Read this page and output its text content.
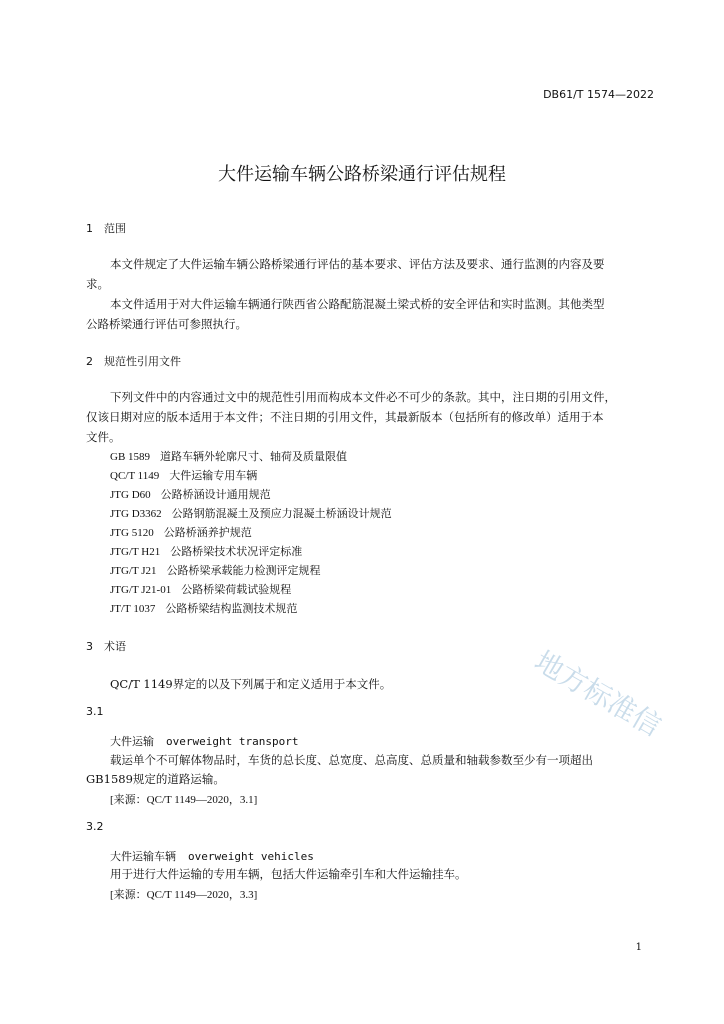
DB61/T 1574—2022
大件运输车辆公路桥梁通行评估规程
1 范围
本文件规定了大件运输车辆公路桥梁通行评估的基本要求、评估方法及要求、通行监测的内容及要
求。
本文件适用于对大件运输车辆通行陕西省公路配筋混凝土梁式桥的安全评估和实时监测。其他类型
公路桥梁通行评估可参照执行。
2 规范性引用文件
下列文件中的内容通过文中的规范性引用而构成本文件必不可少的条款。其中，注日期的引用文件，
仅该日期对应的版本适用于本文件；不注日期的引用文件，其最新版本（包括所有的修改单）适用于本
文件。
GB 1589 道路车辆外轮廓尺寸、轴荷及质量限值
QC/T 1149 大件运输专用车辆
JTG D60 公路桥涵设计通用规范
JTG D3362 公路钢筋混凝土及预应力混凝土桥涵设计规范
JTG 5120 公路桥涵养护规范
JTG/T H21 公路桥梁技术状况评定标准
JTG/T J21 公路桥梁承载能力检测评定规程
JTG/T J21-01 公路桥梁荷载试验规程
JT/T 1037 公路桥梁结构监测技术规范
3 术语
QC/T 1149界定的以及下列属于和定义适用于本文件。
3.1
大件运输 overweight transport
载运单个不可解体物品时，车货的总长度、总宽度、总高度、总质量和轴载参数至少有一项超出
GB1589规定的道路运输。
[来源：QC/T 1149—2020，3.1]
3.2
大件运输车辆 overweight vehicles
用于进行大件运输的专用车辆，包括大件运输牵引车和大件运输挂车。
[来源：QC/T 1149—2020，3.3]
1
地方标准信
